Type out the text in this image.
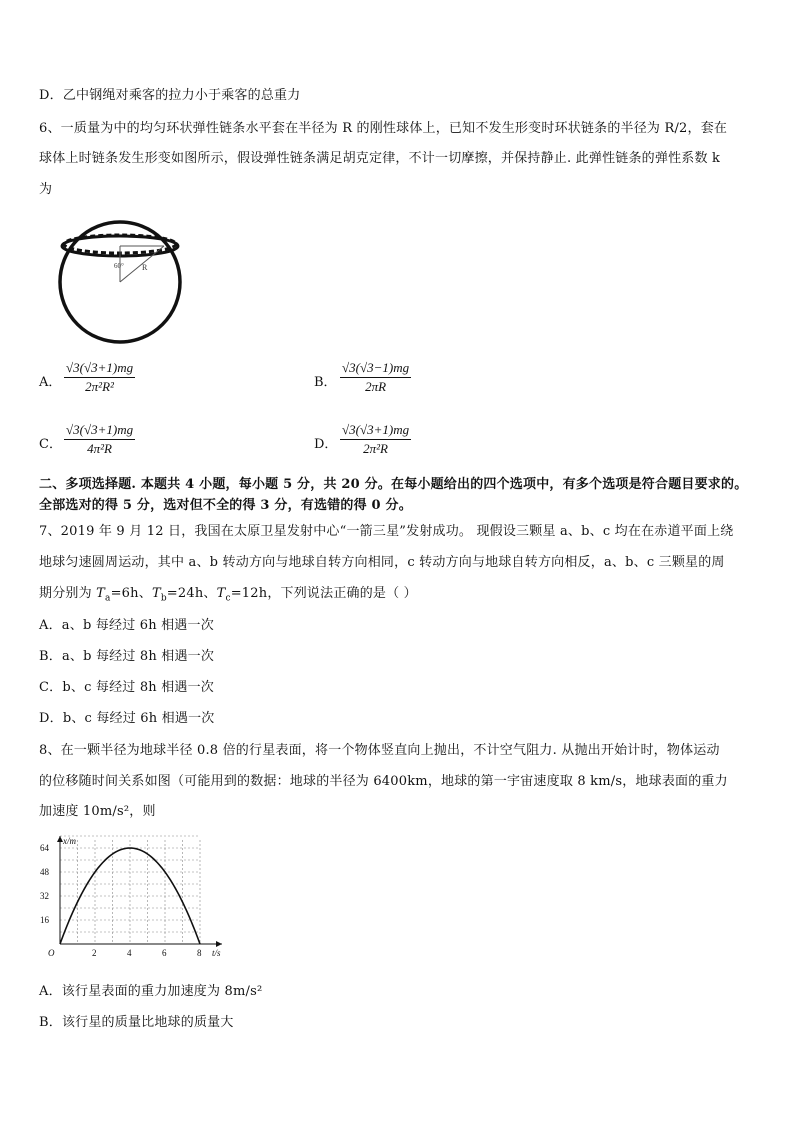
D．乙中钢绳对乘客的拉力小于乘客的总重力
6、一质量为中的均匀环状弹性链条水平套在半径为 R 的刚性球体上，已知不发生形变时环状链条的半径为 R/2，套在
球体上时链条发生形变如图所示，假设弹性链条满足胡克定律，不计一切摩擦，并保持静止. 此弹性链条的弹性系数 k
为
60° R
A． $\frac{√3(√3+1)mg}{\text{2π²R²}}$	B． $\frac{√3(√3-1)mg}{2\pi R}$
C． $\frac{√3(√3+1)mg}{\text{4π²R}}$	D． $\frac{√3(√3+1)mg}{\text{2π²R}}$
二、多项选择题. 本题共 4 小题，每小题 5 分，共 20 分。在每小题给出的四个选项中，有多个选项是符合题目要求的。
全部选对的得 5 分，选对但不全的得 3 分，有选错的得 0 分。
7、2019 年 9 月 12 日，我国在太原卫星发射中心“一箭三星”发射成功。 现假设三颗星 a、b、c 均在在赤道平面上绕
地球匀速圆周运动，其中 a、b 转动方向与地球自转方向相同，c 转动方向与地球自转方向相反，a、b、c 三颗星的周
期分别为 $T_a=6h$、$T_b=24h$、$T_c=12h$，下列说法正确的是（ ）
A．a、b 每经过 6h 相遇一次
B．a、b 每经过 8h 相遇一次
C．b、c 每经过 8h 相遇一次
D．b、c 每经过 6h 相遇一次
8、在一颗半径为地球半径 0.8 倍的行星表面，将一个物体竖直向上抛出，不计空气阻力. 从抛出开始计时，物体运动
的位移随时间关系如图（可能用到的数据：地球的半径为 6400km，地球的第一宇宙速度取 8 km/s，地球表面的重力
加速度 10m/s²，则
2	4	6	8
16
32
48
64
O	t/s
x/m
A．该行星表面的重力加速度为 8m/s²
B．该行星的质量比地球的质量大
